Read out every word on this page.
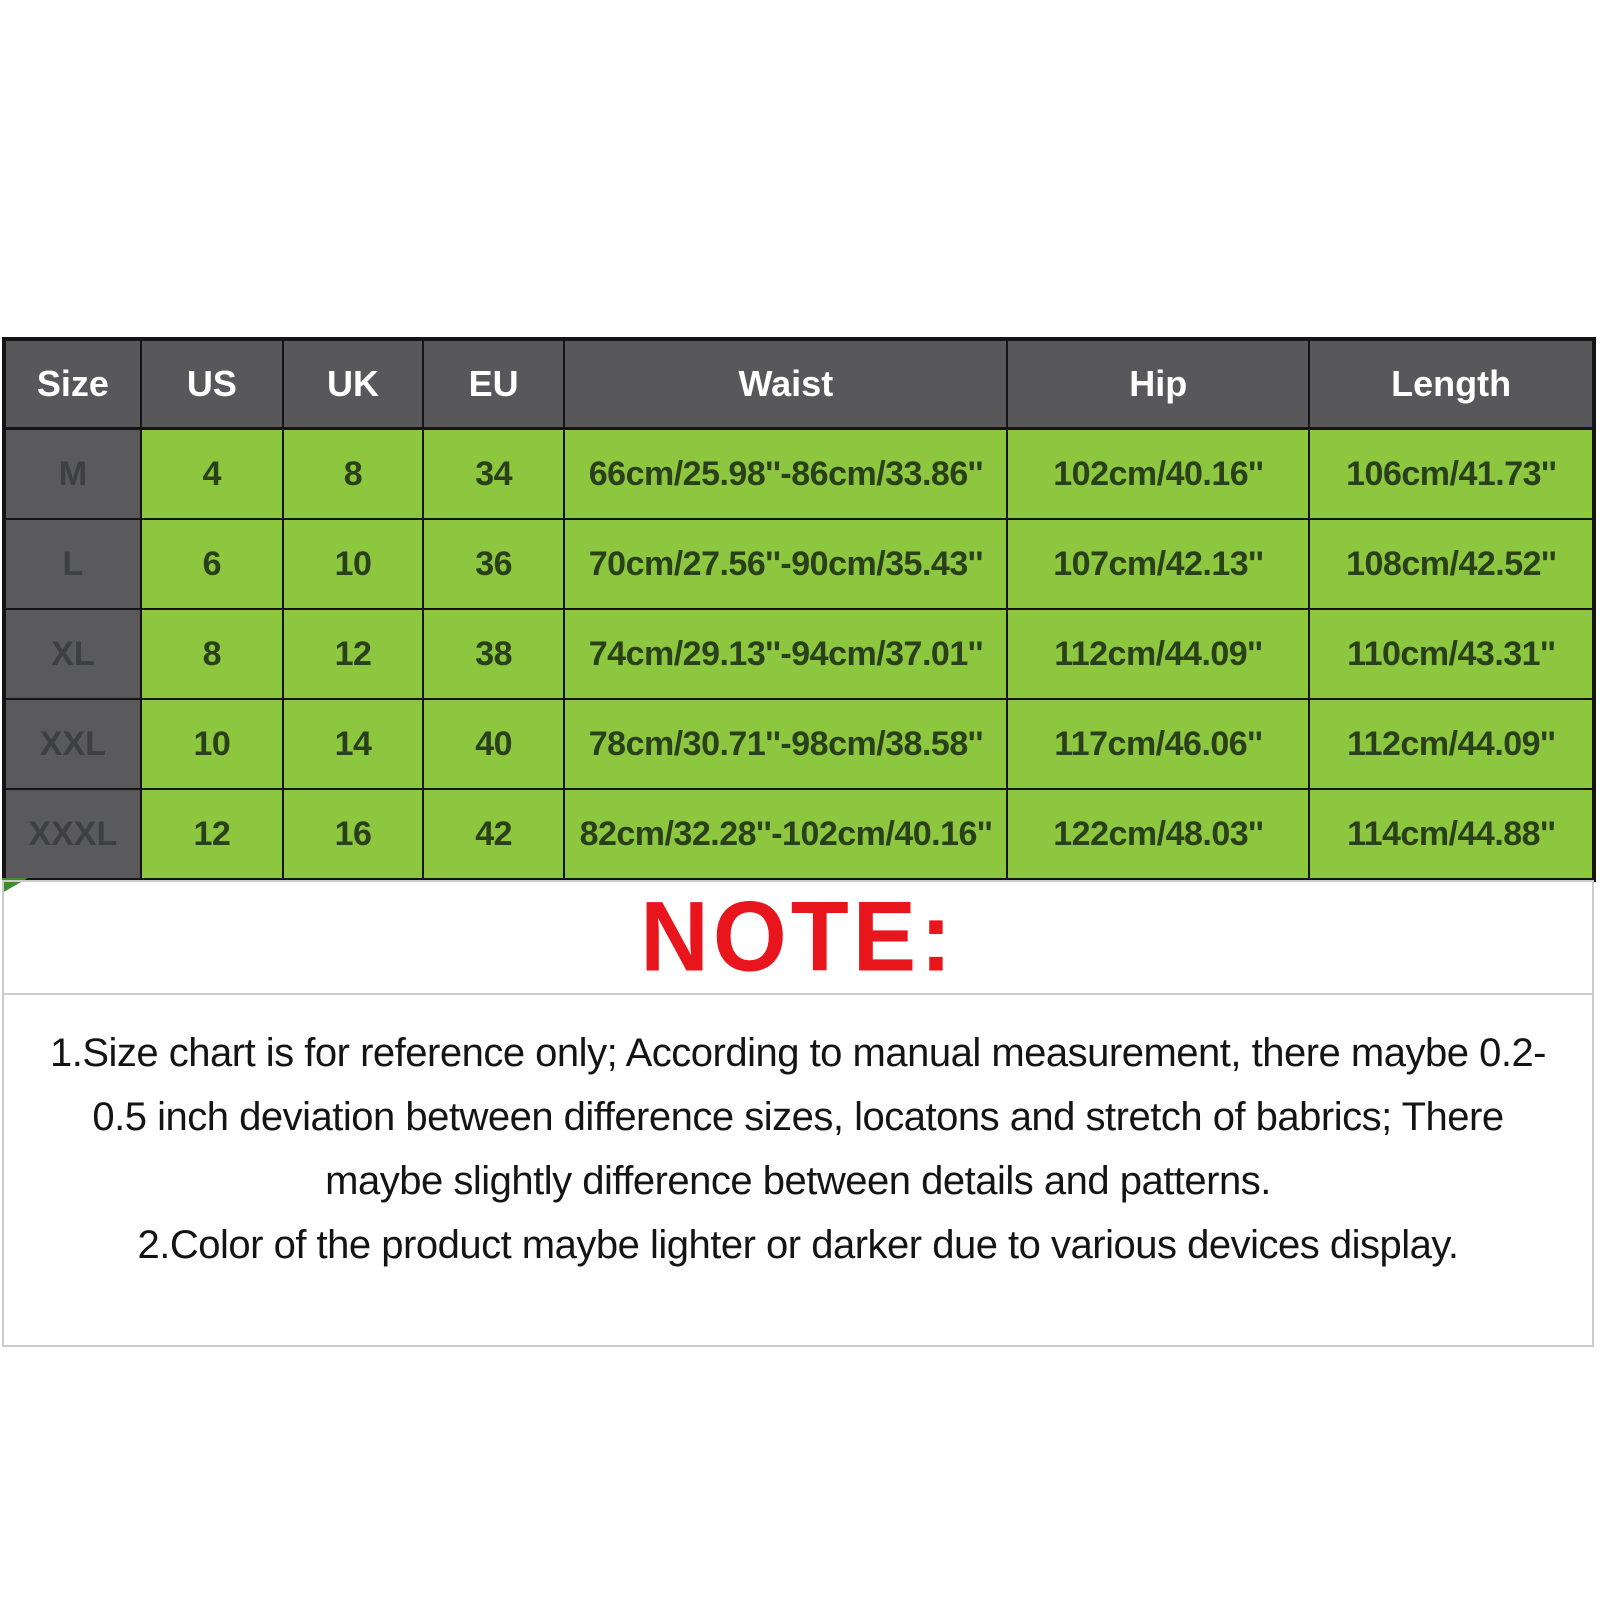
Size	US	UK	EU	Waist	Hip	Length
M	4	8	34	66cm/25.98''-86cm/33.86''	102cm/40.16''	106cm/41.73''
L	6	10	36	70cm/27.56''-90cm/35.43''	107cm/42.13''	108cm/42.52''
XL	8	12	38	74cm/29.13''-94cm/37.01''	112cm/44.09''	110cm/43.31''
XXL	10	14	40	78cm/30.71''-98cm/38.58''	117cm/46.06''	112cm/44.09''
XXXL	12	16	42	82cm/32.28''-102cm/40.16''	122cm/48.03''	114cm/44.88''
NOTE:
1.Size chart is for reference only; According to manual measurement, there maybe 0.2-
0.5 inch deviation between difference sizes, locatons and stretch of babrics; There
maybe slightly difference between details and patterns.
2.Color of the product maybe lighter or darker due to various devices display.
